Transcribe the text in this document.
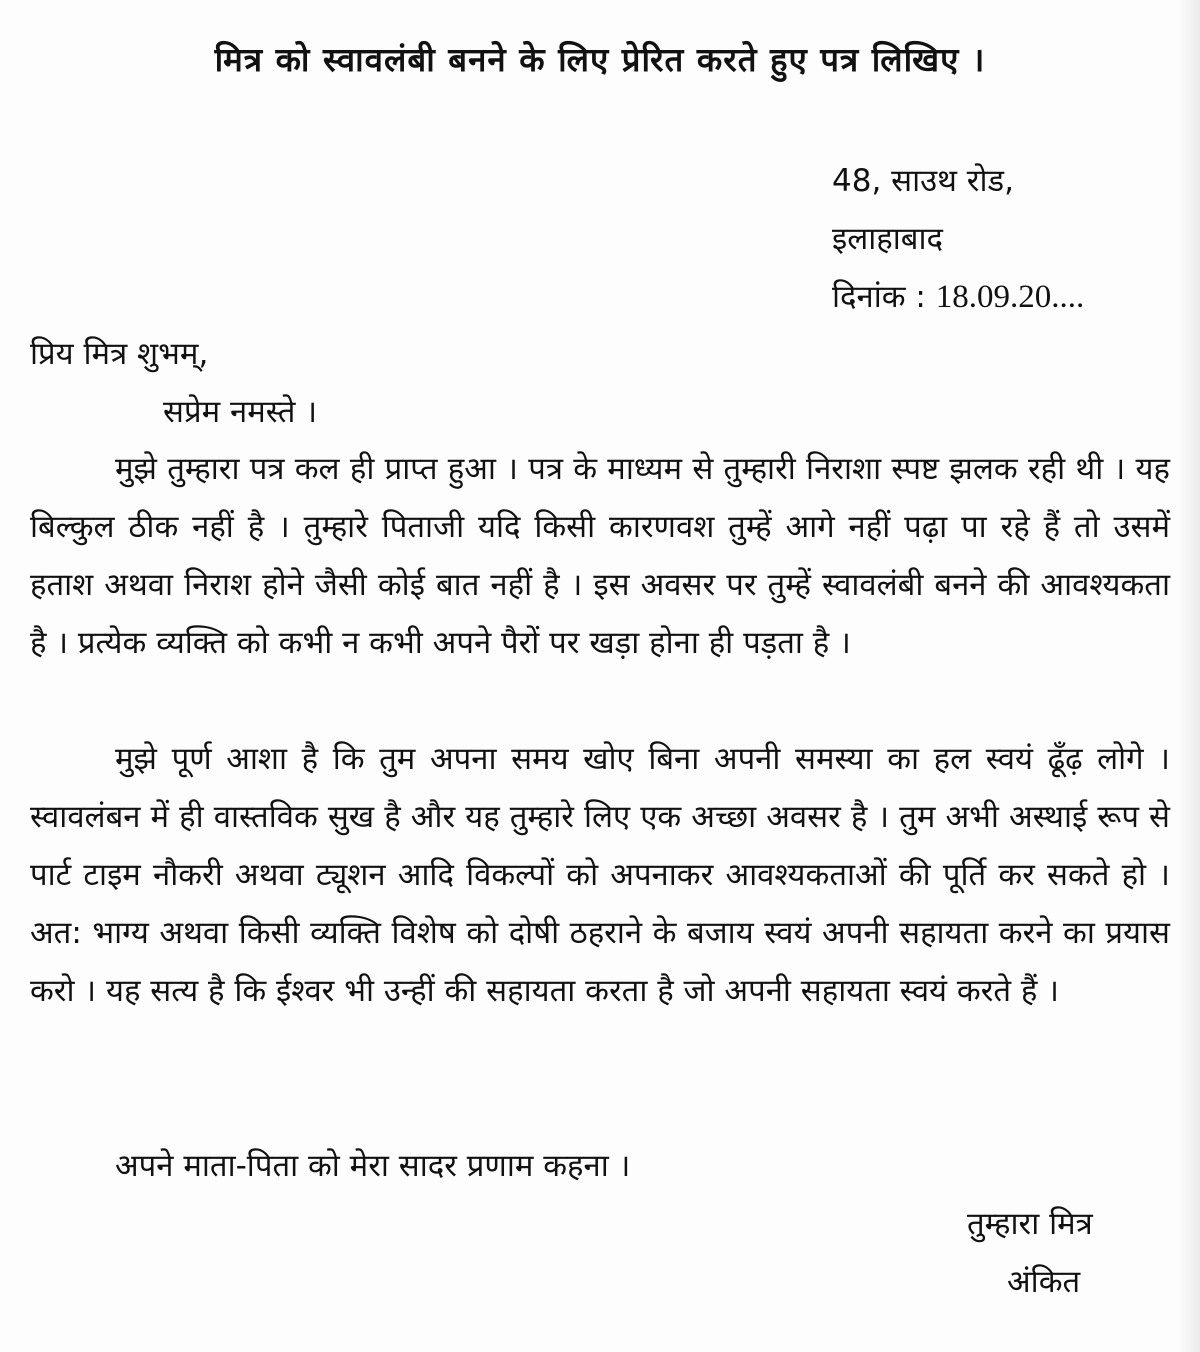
मित्र को स्वावलंबी बनने के लिए प्रेरित करते हुए पत्र लिखिए ।
48, साउथ रोड,
इलाहाबाद
दिनांक : 18.09.20....
प्रिय मित्र शुभम्,
सप्रेम नमस्ते ।

मुझे तुम्हारा पत्र कल ही प्राप्त हुआ । पत्र के माध्यम से तुम्हारी निराशा स्पष्ट झलक रही थी । यह बिल्कुल ठीक नहीं है । तुम्हारे पिताजी यदि किसी कारणवश तुम्हें आगे नहीं पढ़ा पा रहे हैं तो उसमें हताश अथवा निराश होने जैसी कोई बात नहीं है । इस अवसर पर तुम्हें स्वावलंबी बनने की आवश्यकता है । प्रत्येक व्यक्ति को कभी न कभी अपने पैरों पर खड़ा होना ही पड़ता है ।

मुझे पूर्ण आशा है कि तुम अपना समय खोए बिना अपनी समस्या का हल स्वयं ढूँढ़ लोगे । स्वावलंबन में ही वास्तविक सुख है और यह तुम्हारे लिए एक अच्छा अवसर है । तुम अभी अस्थाई रूप से पार्ट टाइम नौकरी अथवा ट्यूशन आदि विकल्पों को अपनाकर आवश्यकताओं की पूर्ति कर सकते हो । अत: भाग्य अथवा किसी व्यक्ति विशेष को दोषी ठहराने के बजाय स्वयं अपनी सहायता करने का प्रयास करो । यह सत्य है कि ईश्वर भी उन्हीं की सहायता करता है जो अपनी सहायता स्वयं करते हैं ।

अपने माता-पिता को मेरा सादर प्रणाम कहना ।

तुम्हारा मित्र
अंकित
